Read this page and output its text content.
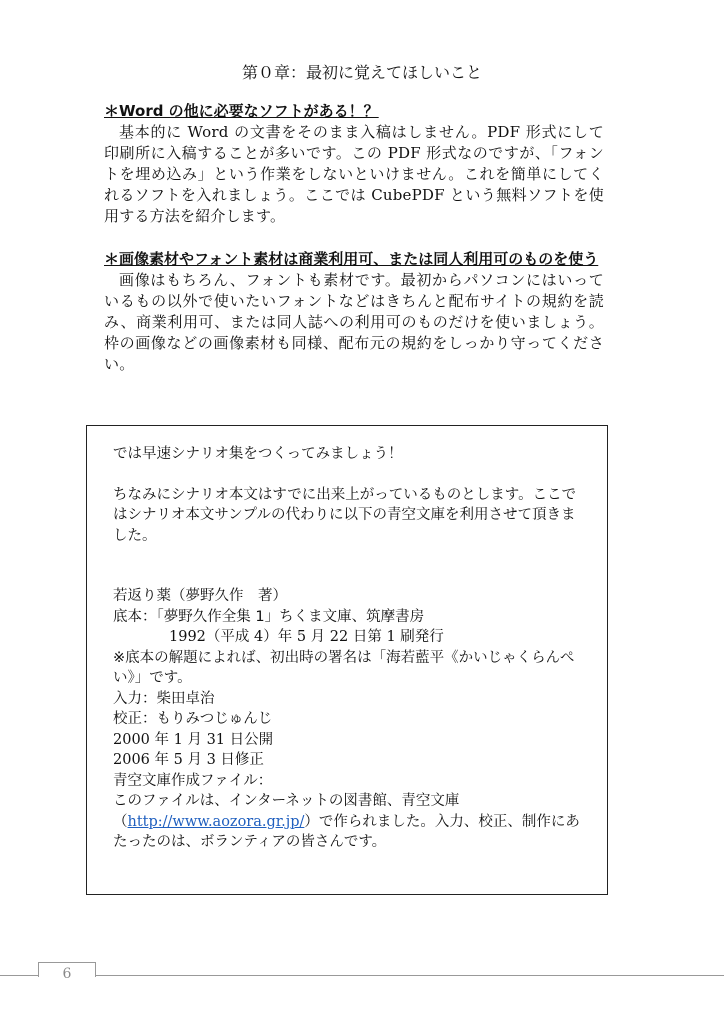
第０章：最初に覚えてほしいこと
＊Word の他に必要なソフトがある！？

基本的に Word の文書をそのまま入稿はしません。PDF 形式にして印刷所に入稿することが多いです。この PDF 形式なのですが、「フォントを埋め込み」という作業をしないといけません。これを簡単にしてくれるソフトを入れましょう。ここでは CubePDF という無料ソフトを使用する方法を紹介します。

＊画像素材やフォント素材は商業利用可、または同人利用可のものを使う

画像はもちろん、フォントも素材です。最初からパソコンにはいっているもの以外で使いたいフォントなどはきちんと配布サイトの規約を読み、商業利用可、または同人誌への利用可のものだけを使いましょう。枠の画像などの画像素材も同様、配布元の規約をしっかり守ってください。

では早速シナリオ集をつくってみましょう！

ちなみにシナリオ本文はすでに出来上がっているものとします。ここではシナリオ本文サンプルの代わりに以下の青空文庫を利用させて頂きました。

若返り薬（夢野久作　著）

底本：「夢野久作全集 1」ちくま文庫、筑摩書房

1992（平成 4）年 5 月 22 日第 1 刷発行

※底本の解題によれば、初出時の署名は「海若藍平《かいじゃくらんぺい》」です。

入力：柴田卓治

校正：もりみつじゅんじ

2000 年 1 月 31 日公開

2006 年 5 月 3 日修正

青空文庫作成ファイル：

このファイルは、インターネットの図書館、青空文庫（http://www.aozora.gr.jp/）で作られました。入力、校正、制作にあたったのは、ボランティアの皆さんです。

6
